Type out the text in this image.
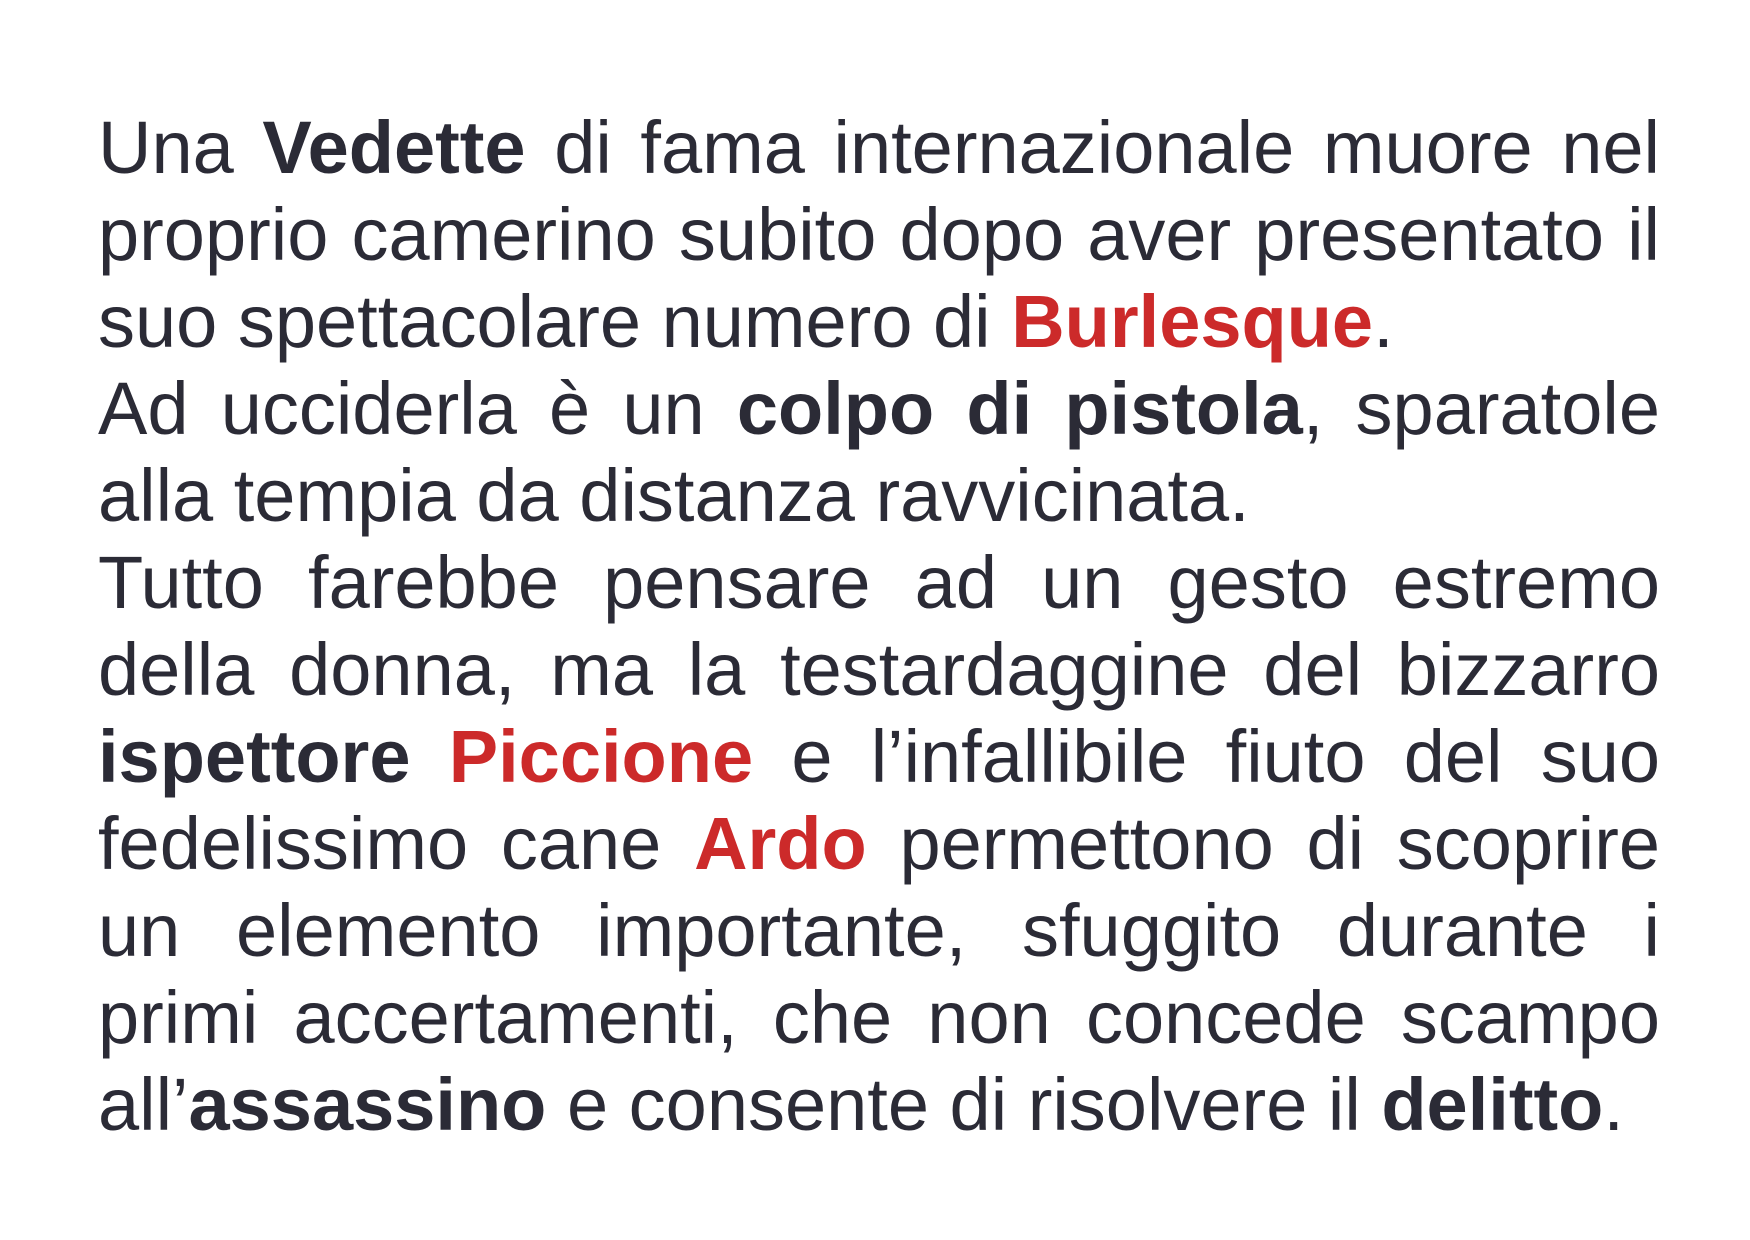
Una Vedette di fama internazionale muore nel proprio camerino subito dopo aver presentato il suo spettacolare numero di Burlesque.

Ad ucciderla è un colpo di pistola, sparatole alla tempia da distanza ravvicinata.

Tutto farebbe pensare ad un gesto estremo della donna, ma la testardaggine del bizzarro ispettore Piccione e l’infallibile fiuto del suo fedelissimo cane Ardo permettono di scoprire un elemento importante, sfuggito durante i primi accertamenti, che non concede scampo all’assassino e consente di risolvere il delitto.
